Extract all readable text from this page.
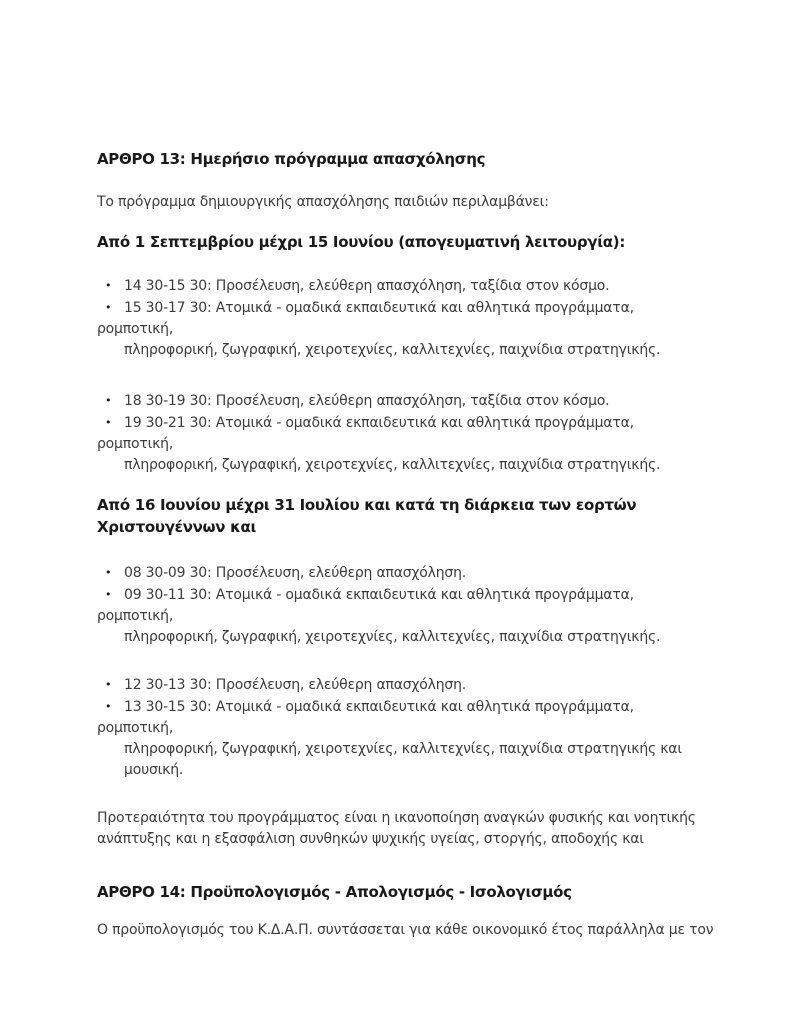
ΑΡΘΡΟ 13: Ημερήσιο πρόγραμμα απασχόλησης
Το πρόγραμμα δημιουργικής απασχόλησης παιδιών περιλαμβάνει:
Από 1 Σεπτεμβρίου μέχρι 15 Ιουνίου (απογευματινή λειτουργία):
• 14 30-15 30: Προσέλευση, ελεύθερη απασχόληση, ταξίδια στον κόσμο.
• 15 30-17 30: Ατομικά - ομαδικά εκπαιδευτικά και αθλητικά προγράμματα,
ρομποτική,
πληροφορική, ζωγραφική, χειροτεχνίες, καλλιτεχνίες, παιχνίδια στρατηγικής.
• 18 30-19 30: Προσέλευση, ελεύθερη απασχόληση, ταξίδια στον κόσμο.
• 19 30-21 30: Ατομικά - ομαδικά εκπαιδευτικά και αθλητικά προγράμματα,
ρομποτική,
πληροφορική, ζωγραφική, χειροτεχνίες, καλλιτεχνίες, παιχνίδια στρατηγικής.
Από 16 Ιουνίου μέχρι 31 Ιουλίου και κατά τη διάρκεια των εορτών
Χριστουγέννων και
• 08 30-09 30: Προσέλευση, ελεύθερη απασχόληση.
• 09 30-11 30: Ατομικά - ομαδικά εκπαιδευτικά και αθλητικά προγράμματα,
ρομποτική,
πληροφορική, ζωγραφική, χειροτεχνίες, καλλιτεχνίες, παιχνίδια στρατηγικής.
• 12 30-13 30: Προσέλευση, ελεύθερη απασχόληση.
• 13 30-15 30: Ατομικά - ομαδικά εκπαιδευτικά και αθλητικά προγράμματα,
ρομποτική,
πληροφορική, ζωγραφική, χειροτεχνίες, καλλιτεχνίες, παιχνίδια στρατηγικής και
μουσική.
Προτεραιότητα του προγράμματος είναι η ικανοποίηση αναγκών φυσικής και νοητικής
ανάπτυξης και η εξασφάλιση συνθηκών ψυχικής υγείας, στοργής, αποδοχής και
ΑΡΘΡΟ 14: Προϋπολογισμός - Απολογισμός - Ισολογισμός
Ο προϋπολογισμός του Κ.Δ.Α.Π. συντάσσεται για κάθε οικονομικό έτος παράλληλα με τον
